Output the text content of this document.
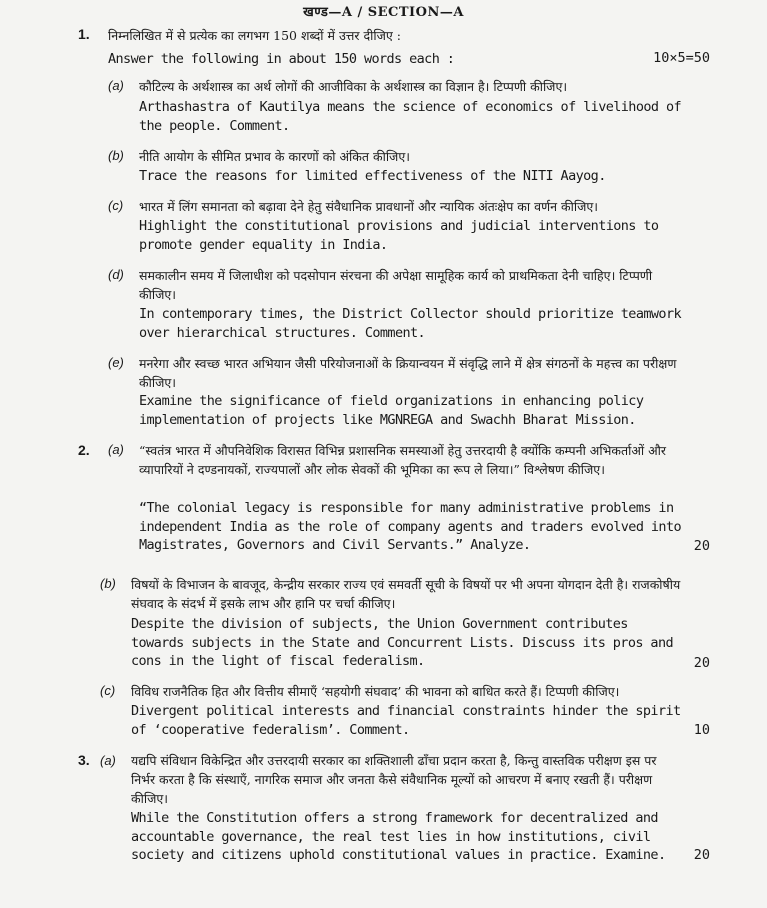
खण्ड—A / SECTION—A
1. निम्नलिखित में से प्रत्येक का लगभग 150 शब्दों में उत्तर दीजिए :
Answer the following in about 150 words each :	10×5=50
(a) कौटिल्य के अर्थशास्त्र का अर्थ लोगों की आजीविका के अर्थशास्त्र का विज्ञान है। टिप्पणी कीजिए।
Arthashastra of Kautilya means the science of economics of livelihood of the people. Comment.
(b) नीति आयोग के सीमित प्रभाव के कारणों को अंकित कीजिए।
Trace the reasons for limited effectiveness of the NITI Aayog.
(c) भारत में लिंग समानता को बढ़ावा देने हेतु संवैधानिक प्रावधानों और न्यायिक अंतःक्षेप का वर्णन कीजिए।
Highlight the constitutional provisions and judicial interventions to promote gender equality in India.
(d) समकालीन समय में जिलाधीश को पदसोपान संरचना की अपेक्षा सामूहिक कार्य को प्राथमिकता देनी चाहिए। टिप्पणी कीजिए।
In contemporary times, the District Collector should prioritize teamwork over hierarchical structures. Comment.
(e) मनरेगा और स्वच्छ भारत अभियान जैसी परियोजनाओं के क्रियान्वयन में संवृद्धि लाने में क्षेत्र संगठनों के महत्त्व का परीक्षण कीजिए।
Examine the significance of field organizations in enhancing policy implementation of projects like MGNREGA and Swachh Bharat Mission.
2. (a) “स्वतंत्र भारत में औपनिवेशिक विरासत विभिन्न प्रशासनिक समस्याओं हेतु उत्तरदायी है क्योंकि कम्पनी अभिकर्ताओं और व्यापारियों ने दण्डनायकों, राज्यपालों और लोक सेवकों की भूमिका का रूप ले लिया।” विश्लेषण कीजिए।
“The colonial legacy is responsible for many administrative problems in independent India as the role of company agents and traders evolved into Magistrates, Governors and Civil Servants.” Analyze.	20
(b) विषयों के विभाजन के बावजूद, केन्द्रीय सरकार राज्य एवं समवर्ती सूची के विषयों पर भी अपना योगदान देती है। राजकोषीय संघवाद के संदर्भ में इसके लाभ और हानि पर चर्चा कीजिए।
Despite the division of subjects, the Union Government contributes towards subjects in the State and Concurrent Lists. Discuss its pros and cons in the light of fiscal federalism.	20
(c) विविध राजनैतिक हित और वित्तीय सीमाएँ ‘सहयोगी संघवाद’ की भावना को बाधित करते हैं। टिप्पणी कीजिए।
Divergent political interests and financial constraints hinder the spirit of ‘cooperative federalism’. Comment.	10
3. (a) यद्यपि संविधान विकेन्द्रित और उत्तरदायी सरकार का शक्तिशाली ढाँचा प्रदान करता है, किन्तु वास्तविक परीक्षण इस पर निर्भर करता है कि संस्थाएँ, नागरिक समाज और जनता कैसे संवैधानिक मूल्यों को आचरण में बनाए रखती हैं। परीक्षण कीजिए।
While the Constitution offers a strong framework for decentralized and accountable governance, the real test lies in how institutions, civil society and citizens uphold constitutional values in practice. Examine.	20
